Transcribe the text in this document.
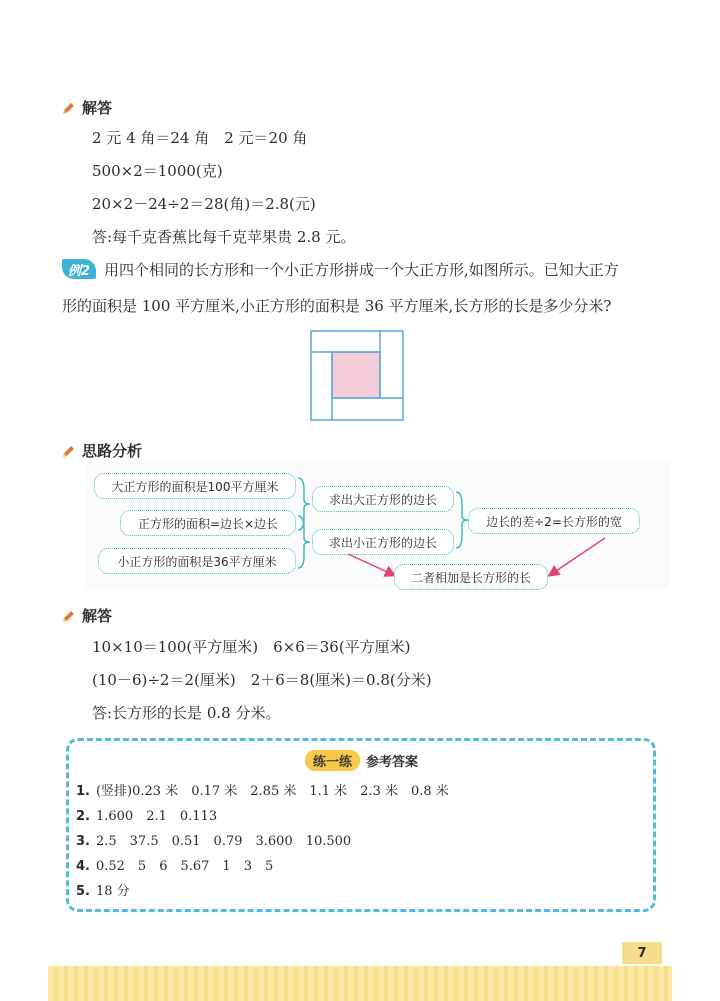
解答
2 元 4 角＝24 角　2 元＝20 角
500×2＝1000(克)
20×2－24÷2＝28(角)＝2.8(元)
答:每千克香蕉比每千克苹果贵 2.8 元。
例2 用四个相同的长方形和一个小正方形拼成一个大正方形,如图所示。已知大正方
形的面积是 100 平方厘米,小正方形的面积是 36 平方厘米,长方形的长是多少分米?
思路分析
大正方形的面积是100平方厘米
正方形的面积=边长×边长
小正方形的面积是36平方厘米
求出大正方形的边长
求出小正方形的边长
边长的差÷2=长方形的宽
二者相加是长方形的长
解答
10×10＝100(平方厘米)　6×6＝36(平方厘米)
(10－6)÷2＝2(厘米)　2＋6＝8(厘米)＝0.8(分米)
答:长方形的长是 0.8 分米。
练一练	参考答案
1. (竖排)0.23 米　0.17 米　2.85 米　1.1 米　2.3 米　0.8 米
2. 1.600　2.1　0.113
3. 2.5　37.5　0.51　0.79　3.600　10.500
4. 0.52　5　6　5.67　1　3　5
5. 18 分
7
